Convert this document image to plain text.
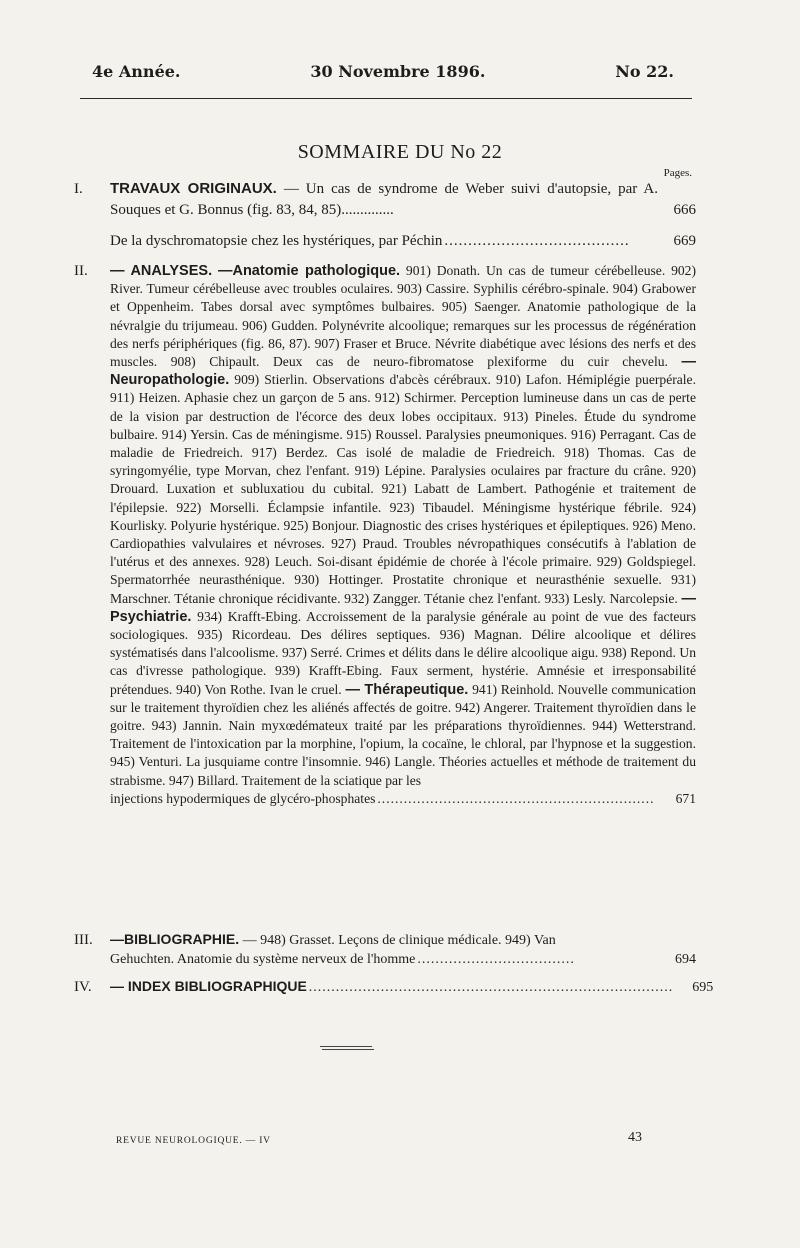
4e Année.	30 Novembre 1896.	No 22.
SOMMAIRE DU No 22
Pages.
I.	TRAVAUX ORIGINAUX. — Un cas de syndrome de Weber suivi d'autopsie, par A. Souques et G. Bonnus (fig. 83, 84, 85)..............	666
De la dyschromatopsie chez les hystériques, par Péchin .......................................	669
II.	— ANALYSES. —Anatomie pathologique. 901) Donath. Un cas de tumeur cérébelleuse. 902) River. Tumeur cérébelleuse avec troubles oculaires. 903) Cassire. Syphilis cérébro-spinale. 904) Grabower et Oppenheim. Tabes dorsal avec symptômes bulbaires. 905) Saenger. Anatomie pathologique de la névralgie du trijumeau. 906) Gudden. Polynévrite alcoolique; remarques sur les processus de régénération des nerfs périphériques (fig. 86, 87). 907) Fraser et Bruce. Névrite diabétique avec lésions des nerfs et des muscles. 908) Chipault. Deux cas de neuro-fibromatose plexiforme du cuir chevelu. — Neuropathologie. 909) Stierlin. Observations d'abcès cérébraux. 910) Lafon. Hémiplégie puerpérale. 911) Heizen. Aphasie chez un garçon de 5 ans. 912) Schirmer. Perception lumineuse dans un cas de perte de la vision par destruction de l'écorce des deux lobes occipitaux. 913) Pineles. Étude du syndrome bulbaire. 914) Yersin. Cas de méningisme. 915) Roussel. Paralysies pneumoniques. 916) Perragant. Cas de maladie de Friedreich. 917) Berdez. Cas isolé de maladie de Friedreich. 918) Thomas. Cas de syringomyélie, type Morvan, chez l'enfant. 919) Lépine. Paralysies oculaires par fracture du crâne. 920) Drouard. Luxation et subluxatiou du cubital. 921) Labatt de Lambert. Pathogénie et traitement de l'épilepsie. 922) Morselli. Éclampsie infantile. 923) Tibaudel. Méningisme hystérique fébrile. 924) Kourlisky. Polyurie hystérique. 925) Bonjour. Diagnostic des crises hystériques et épileptiques. 926) Meno. Cardiopathies valvulaires et névroses. 927) Praud. Troubles névropathiques consécutifs à l'ablation de l'utérus et des annexes. 928) Leuch. Soi-disant épidémie de chorée à l'école primaire. 929) Goldspiegel. Spermatorrhée neurasthénique. 930) Hottinger. Prostatite chronique et neurasthénie sexuelle. 931) Marschner. Tétanie chronique récidivante. 932) Zangger. Tétanie chez l'enfant. 933) Lesly. Narcolepsie. — Psychiatrie. 934) Krafft-Ebing. Accroissement de la paralysie générale au point de vue des facteurs sociologiques. 935) Ricordeau. Des délires septiques. 936) Magnan. Délire alcoolique et délires systématisés dans l'alcoolisme. 937) Serré. Crimes et délits dans le délire alcoolique aigu. 938) Repond. Un cas d'ivresse pathologique. 939) Krafft-Ebing. Faux serment, hystérie. Amnésie et irresponsabilité prétendues. 940) Von Rothe. Ivan le cruel. — Thérapeutique. 941) Reinhold. Nouvelle communication sur le traitement thyroïdien chez les aliénés affectés de goitre. 942) Angerer. Traitement thyroïdien dans le goitre. 943) Jannin. Nain myxœdémateux traité par les préparations thyroïdiennes. 944) Wetterstrand. Traitement de l'intoxication par la morphine, l'opium, la cocaïne, le chloral, par l'hypnose et la suggestion. 945) Venturi. La jusquiame contre l'insomnie. 946) Langle. Théories actuelles et méthode de traitement du strabisme. 947) Billard. Traitement de la sciatique par les

injections hypodermiques de glycéro-phosphates ...............................................................	671
III.	—BIBLIOGRAPHIE. — 948) Grasset. Leçons de clinique médicale. 949) Van
Gehuchten. Anatomie du système nerveux de l'homme ...................................	694
IV.	— INDEX BIBLIOGRAPHIQUE .................................................................................	695
REVUE NEUROLOGIQUE. — IV	43
